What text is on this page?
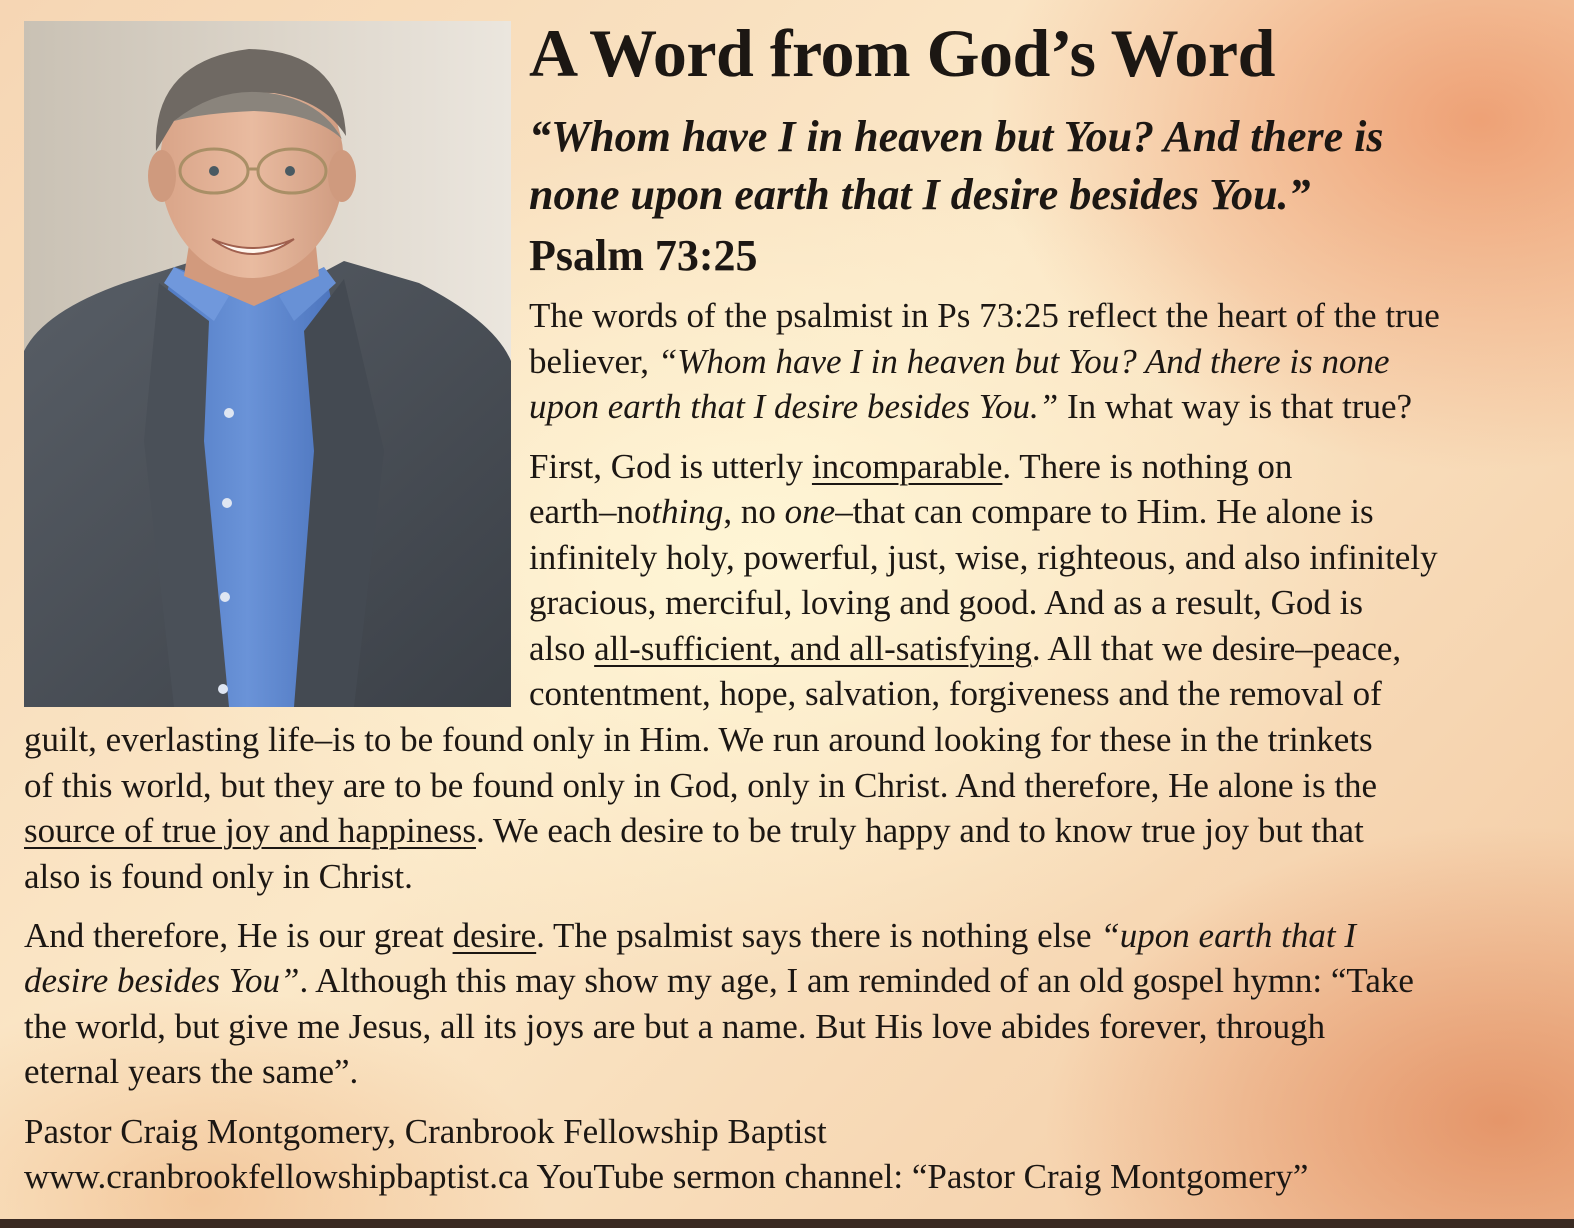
A Word from God’s Word
“Whom have I in heaven but You? And there is
none upon earth that I desire besides You.”
Psalm 73:25
The words of the psalmist in Ps 73:25 reflect the heart of the true
believer, “Whom have I in heaven but You? And there is none
upon earth that I desire besides You.” In what way is that true?
First, God is utterly incomparable. There is nothing on
earth–nothing, no one–that can compare to Him. He alone is
infinitely holy, powerful, just, wise, righteous, and also infinitely
gracious, merciful, loving and good. And as a result, God is
also all-sufficient, and all-satisfying. All that we desire–peace,
contentment, hope, salvation, forgiveness and the removal of
guilt, everlasting life–is to be found only in Him. We run around looking for these in the trinkets
of this world, but they are to be found only in God, only in Christ. And therefore, He alone is the
source of true joy and happiness. We each desire to be truly happy and to know true joy but that
also is found only in Christ.
And therefore, He is our great desire. The psalmist says there is nothing else “upon earth that I
desire besides You”. Although this may show my age, I am reminded of an old gospel hymn: “Take
the world, but give me Jesus, all its joys are but a name. But His love abides forever, through
eternal years the same”.
Pastor Craig Montgomery, Cranbrook Fellowship Baptist
www.cranbrookfellowshipbaptist.ca YouTube sermon channel: “Pastor Craig Montgomery”
